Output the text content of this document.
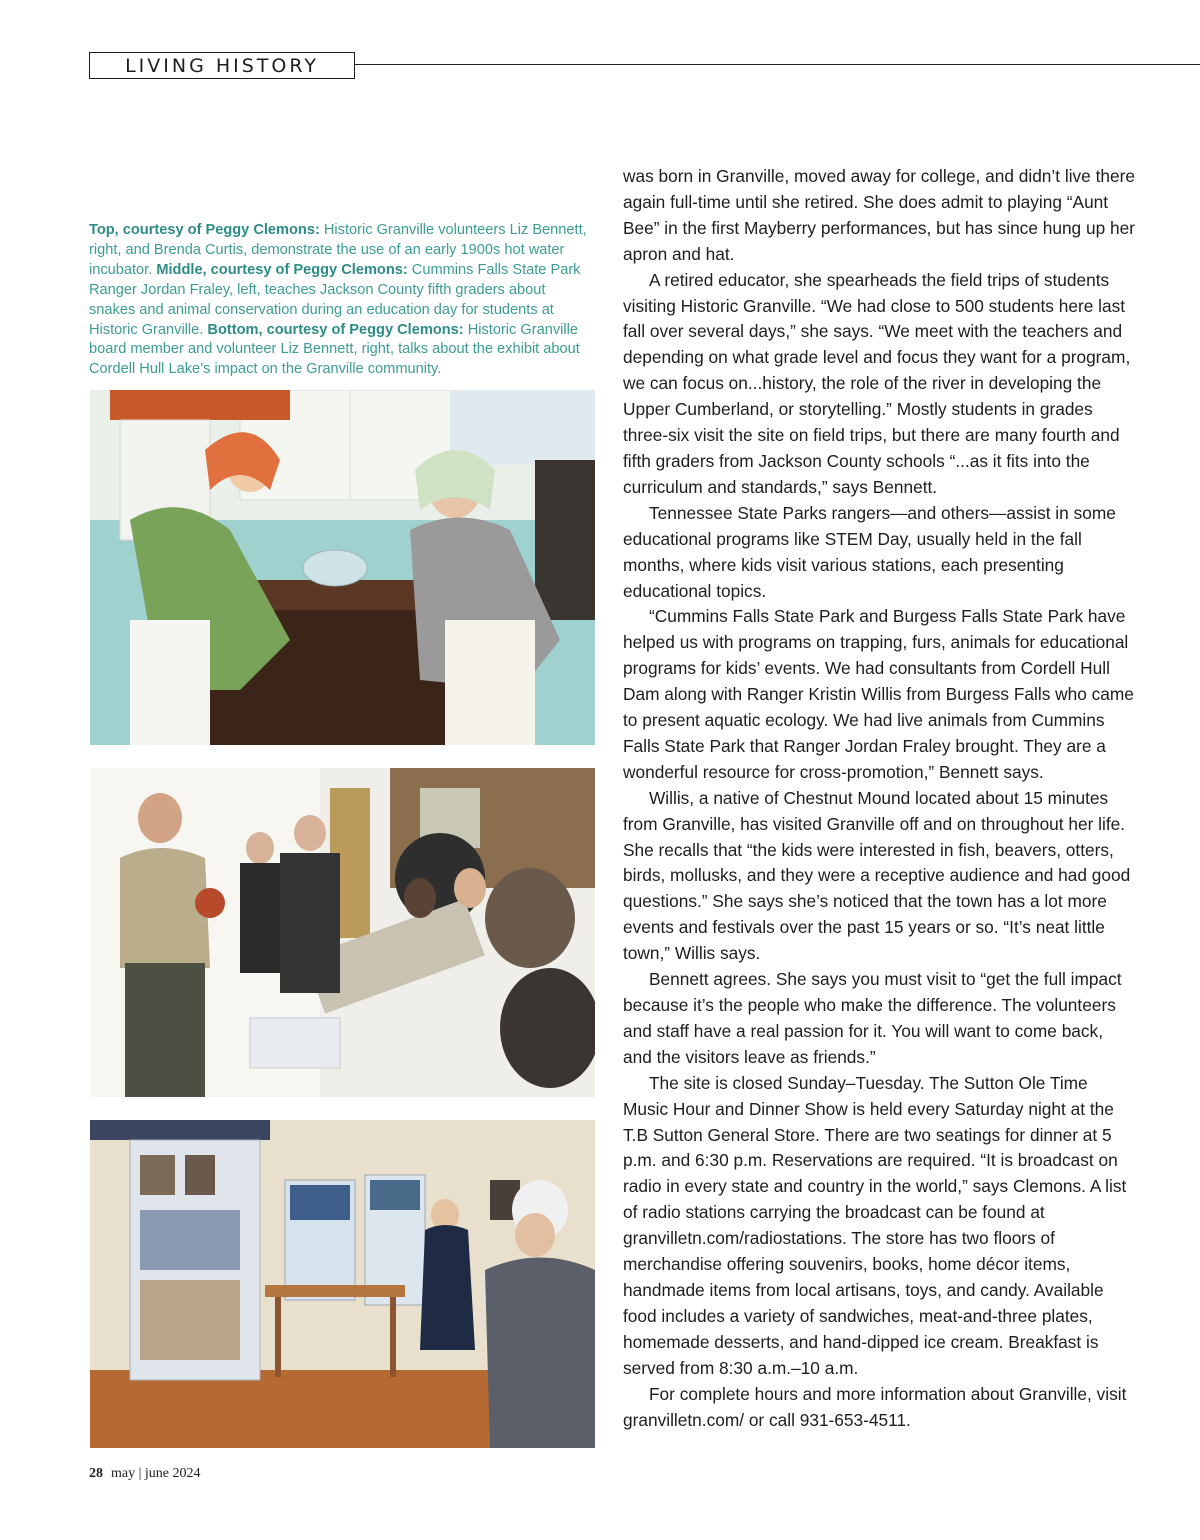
LIVING HISTORY
Top, courtesy of Peggy Clemons: Historic Granville volunteers Liz Bennett, right, and Brenda Curtis, demonstrate the use of an early 1900s hot water incubator. Middle, courtesy of Peggy Clemons: Cummins Falls State Park Ranger Jordan Fraley, left, teaches Jackson County fifth graders about snakes and animal conservation during an education day for students at Historic Granville. Bottom, courtesy of Peggy Clemons: Historic Granville board member and volunteer Liz Bennett, right, talks about the exhibit about Cordell Hull Lake’s impact on the Granville community.

was born in Granville, moved away for college, and didn’t live there again full-time until she retired. She does admit to playing “Aunt Bee” in the first Mayberry performances, but has since hung up her apron and hat.

A retired educator, she spearheads the field trips of students visiting Historic Granville. “We had close to 500 students here last fall over several days,” she says. “We meet with the teachers and depending on what grade level and focus they want for a program, we can focus on...history, the role of the river in developing the Upper Cumberland, or storytelling.” Mostly students in grades three-six visit the site on field trips, but there are many fourth and fifth graders from Jackson County schools “...as it fits into the curriculum and standards,” says Bennett.

Tennessee State Parks rangers—and others—assist in some educational programs like STEM Day, usually held in the fall months, where kids visit various stations, each presenting educational topics.

“Cummins Falls State Park and Burgess Falls State Park have helped us with programs on trapping, furs, animals for educational programs for kids’ events. We had consultants from Cordell Hull Dam along with Ranger Kristin Willis from Burgess Falls who came to present aquatic ecology. We had live animals from Cummins Falls State Park that Ranger Jordan Fraley brought. They are a wonderful resource for cross-promotion,” Bennett says.

Willis, a native of Chestnut Mound located about 15 minutes from Granville, has visited Granville off and on throughout her life. She recalls that “the kids were interested in fish, beavers, otters, birds, mollusks, and they were a receptive audience and had good questions.” She says she’s noticed that the town has a lot more events and festivals over the past 15 years or so. “It’s neat little town,” Willis says.

Bennett agrees. She says you must visit to “get the full impact because it’s the people who make the difference. The volunteers and staff have a real passion for it. You will want to come back, and the visitors leave as friends.”

The site is closed Sunday–Tuesday. The Sutton Ole Time Music Hour and Dinner Show is held every Saturday night at the T.B Sutton General Store. There are two seatings for dinner at 5 p.m. and 6:30 p.m. Reservations are required. “It is broadcast on radio in every state and country in the world,” says Clemons. A list of radio stations carrying the broadcast can be found at granvilletn.com/radiostations. The store has two floors of merchandise offering souvenirs, books, home décor items, handmade items from local artisans, toys, and candy. Available food includes a variety of sandwiches, meat-and-three plates, homemade desserts, and hand-dipped ice cream. Breakfast is served from 8:30 a.m.–10 a.m.

For complete hours and more information about Granville, visit granvilletn.com/ or call 931-653-4511.

28 may | june 2024
